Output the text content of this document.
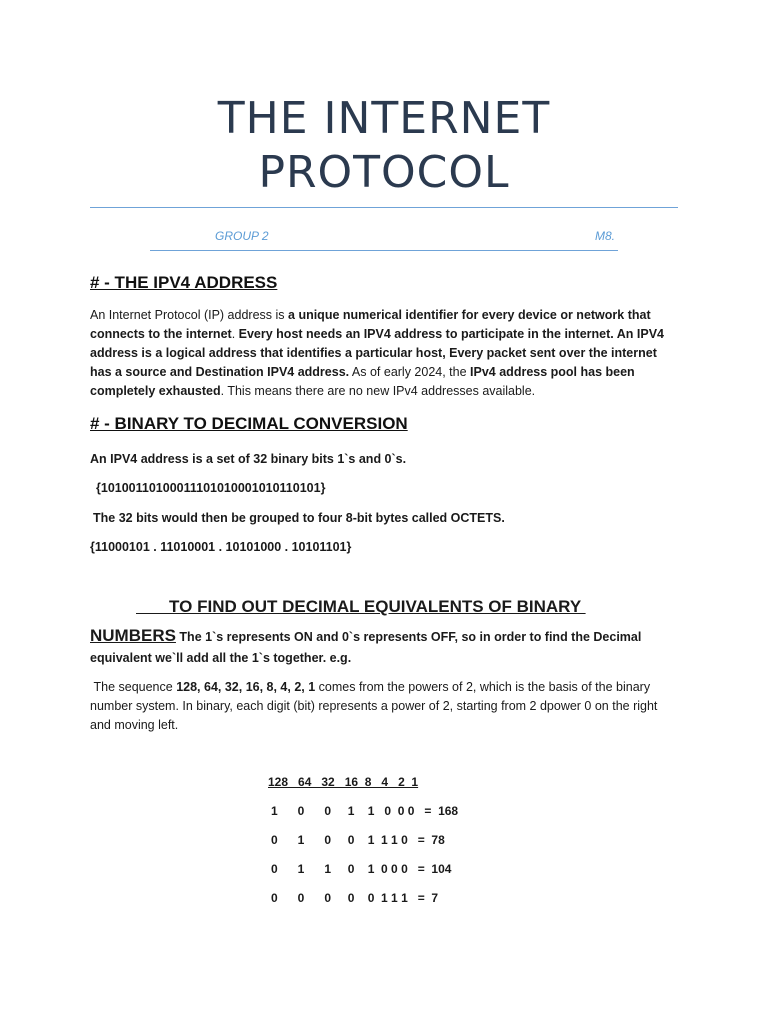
THE INTERNET
PROTOCOL
GROUP 2	M8.
# - THE IPV4 ADDRESS
An Internet Protocol (IP) address is a unique numerical identifier for every device or network that connects to the internet. Every host needs an IPV4 address to participate in the internet. An IPV4 address is a logical address that identifies a particular host, Every packet sent over the internet has a source and Destination IPV4 address. As of early 2024, the IPv4 address pool has been completely exhausted. This means there are no new IPv4 addresses available.
# - BINARY TO DECIMAL CONVERSION
An IPV4 address is a set of 32 binary bits 1`s and 0`s.
{10100110100011101010001010110101}
The 32 bits would then be grouped to four 8-bit bytes called OCTETS.
{11000101 . 11010001 . 10101000 . 10101101}
TO FIND OUT DECIMAL EQUIVALENTS OF BINARY
NUMBERS The 1`s represents ON and 0`s represents OFF, so in order to find the Decimal equivalent we`ll add all the 1`s together. e.g.
The sequence 128, 64, 32, 16, 8, 4, 2, 1 comes from the powers of 2, which is the basis of the binary number system. In binary, each digit (bit) represents a power of 2, starting from 2 dpower 0 on the right and moving left.
128   64   32   16  8   4   2  1
1      0      0     1    1   0  0 0   =  168
0      1      0     0    1  1 1 0   =  78
0      1      1     0    1  0 0 0   =  104
0      0      0     0    0  1 1 1   =  7
